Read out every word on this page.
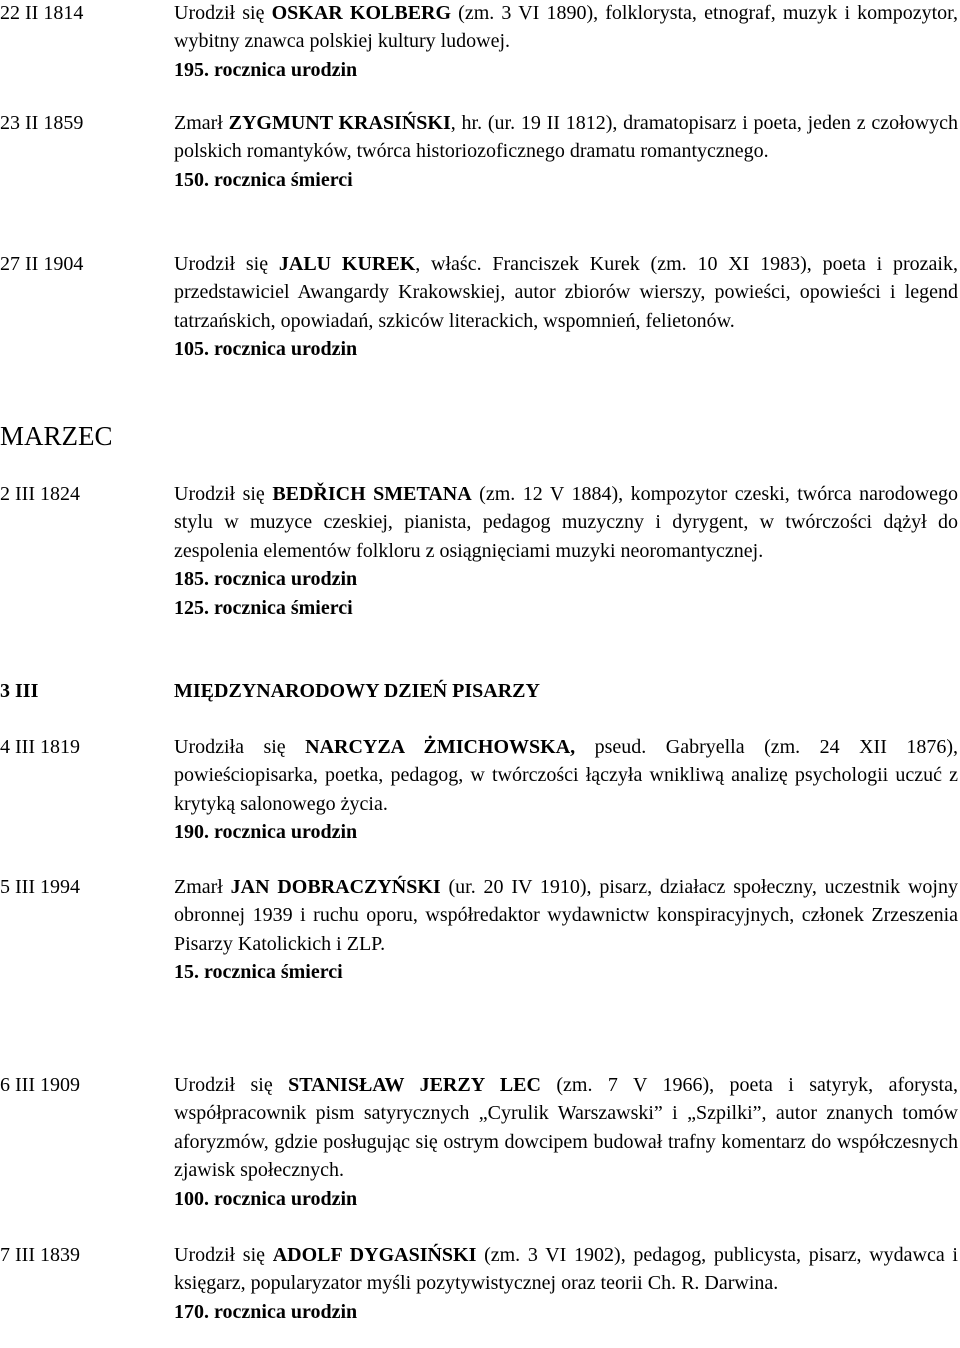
22 II 1814	Urodził się OSKAR KOLBERG (zm. 3 VI 1890), folklorysta, etnograf, muzyk i kompozytor, wybitny znawca polskiej kultury ludowej.
195. rocznica urodzin
23 II 1859	Zmarł ZYGMUNT KRASIŃSKI, hr. (ur. 19 II 1812), dramatopisarz i poeta, jeden z czołowych polskich romantyków, twórca historiozoficznego dramatu romantycznego.
150. rocznica śmierci
27 II 1904	Urodził się JALU KUREK, właśc. Franciszek Kurek (zm. 10 XI 1983), poeta i prozaik, przedstawiciel Awangardy Krakowskiej, autor zbiorów wierszy, powieści, opowieści i legend tatrzańskich, opowiadań, szkiców literackich, wspomnień, felietonów.
105. rocznica urodzin
MARZEC
2 III 1824	Urodził się BEDŘICH SMETANA (zm. 12 V 1884), kompozytor czeski, twórca narodowego stylu w muzyce czeskiej, pianista, pedagog muzyczny i dyrygent, w twórczości dążył do zespolenia elementów folkloru z osiągnięciami muzyki neoromantycznej.
185. rocznica urodzin
125. rocznica śmierci
3 III	MIĘDZYNARODOWY DZIEŃ PISARZY
4 III 1819	Urodziła się NARCYZA ŻMICHOWSKA, pseud. Gabryella (zm. 24 XII 1876), powieściopisarka, poetka, pedagog, w twórczości łączyła wnikliwą analizę psychologii uczuć z krytyką salonowego życia.
190. rocznica urodzin
5 III 1994	Zmarł JAN DOBRACZYŃSKI (ur. 20 IV 1910), pisarz, działacz społeczny, uczestnik wojny obronnej 1939 i ruchu oporu, współredaktor wydawnictw konspiracyjnych, członek Zrzeszenia Pisarzy Katolickich i ZLP.
15. rocznica śmierci
6 III 1909	Urodził się STANISŁAW JERZY LEC (zm. 7 V 1966), poeta i satyryk, aforysta, współpracownik pism satyrycznych „Cyrulik Warszawski” i „Szpilki”, autor znanych tomów aforyzmów, gdzie posługując się ostrym dowcipem budował trafny komentarz do współczesnych zjawisk społecznych.
100. rocznica urodzin
7 III 1839	Urodził się ADOLF DYGASIŃSKI (zm. 3 VI 1902), pedagog, publicysta, pisarz, wydawca i księgarz, popularyzator myśli pozytywistycznej oraz teorii Ch. R. Darwina.
170. rocznica urodzin
